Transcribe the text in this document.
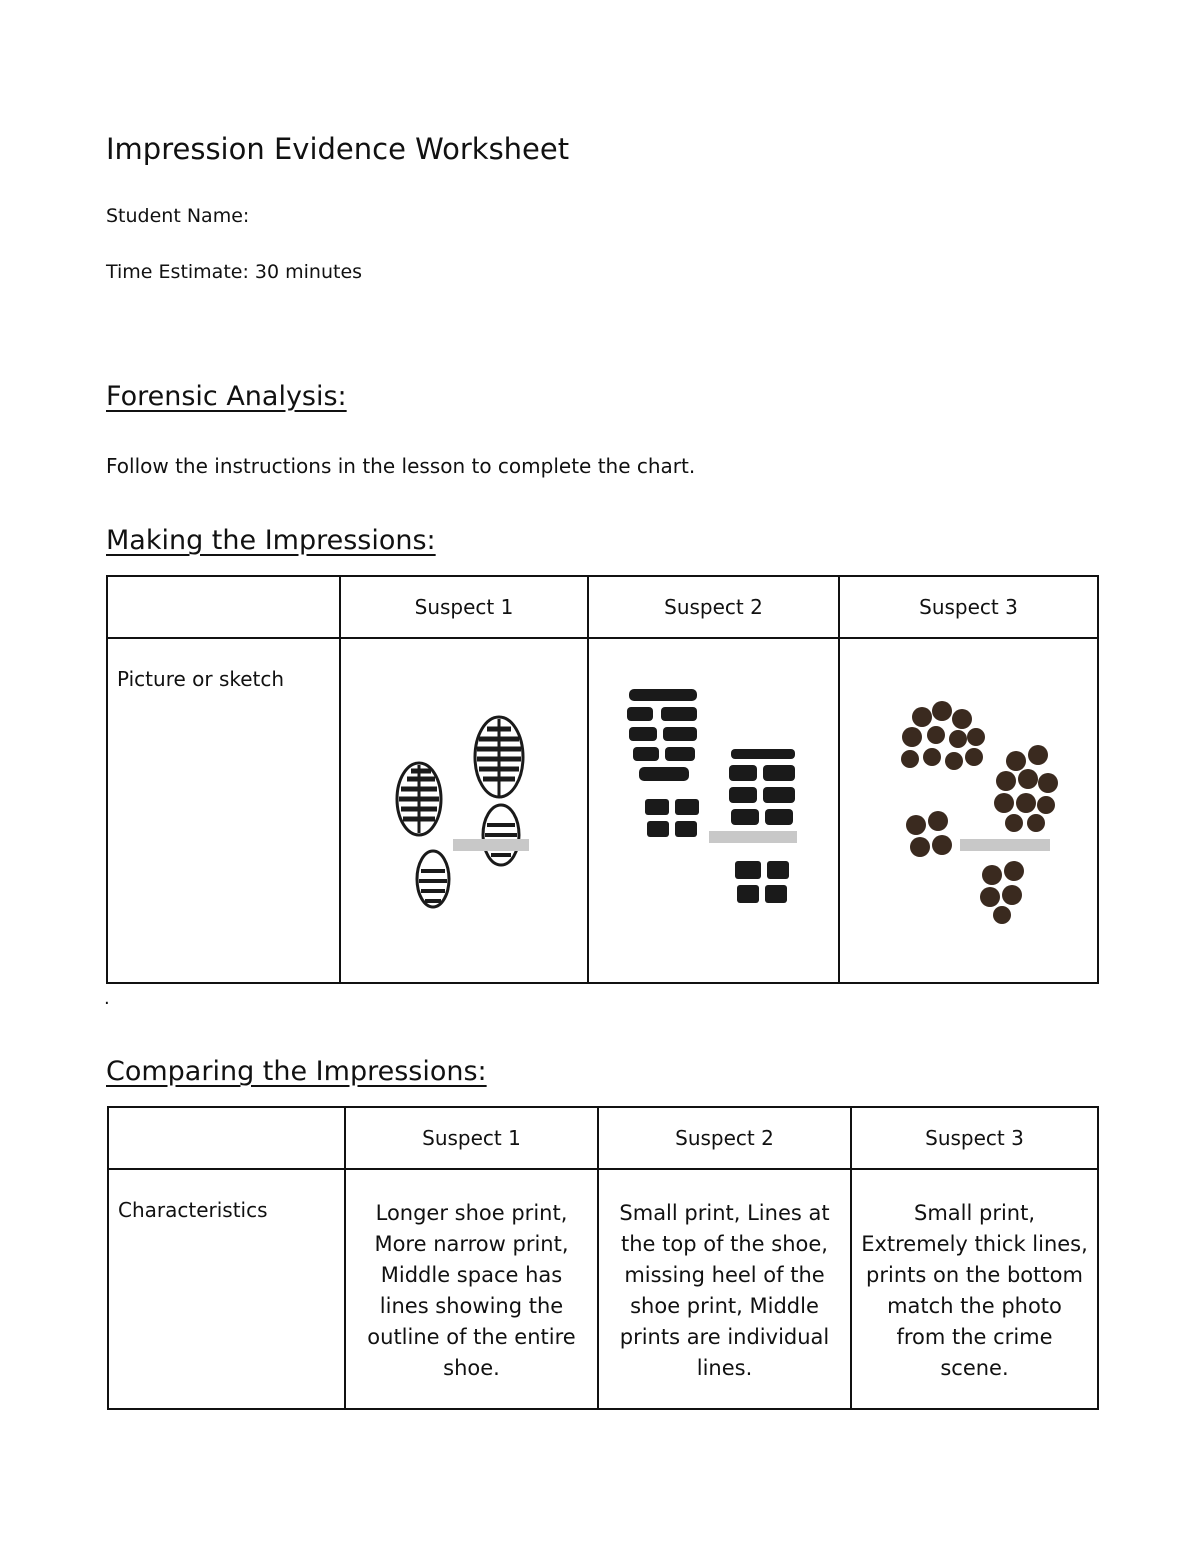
Impression Evidence Worksheet
Student Name:
Time Estimate: 30 minutes
Forensic Analysis:
Follow the instructions in the lesson to complete the chart.
Making the Impressions:
	Suspect 1	Suspect 2	Suspect 3
Picture or sketch	

.
Comparing the Impressions:
	Suspect 1	Suspect 2	Suspect 3
Characteristics	Longer shoe print, More narrow print, Middle space has lines showing the outline of the entire shoe.	Small print, Lines at the top of the shoe, missing heel of the shoe print, Middle prints are individual lines.	Small print, Extremely thick lines, prints on the bottom match the photo from the crime scene.
